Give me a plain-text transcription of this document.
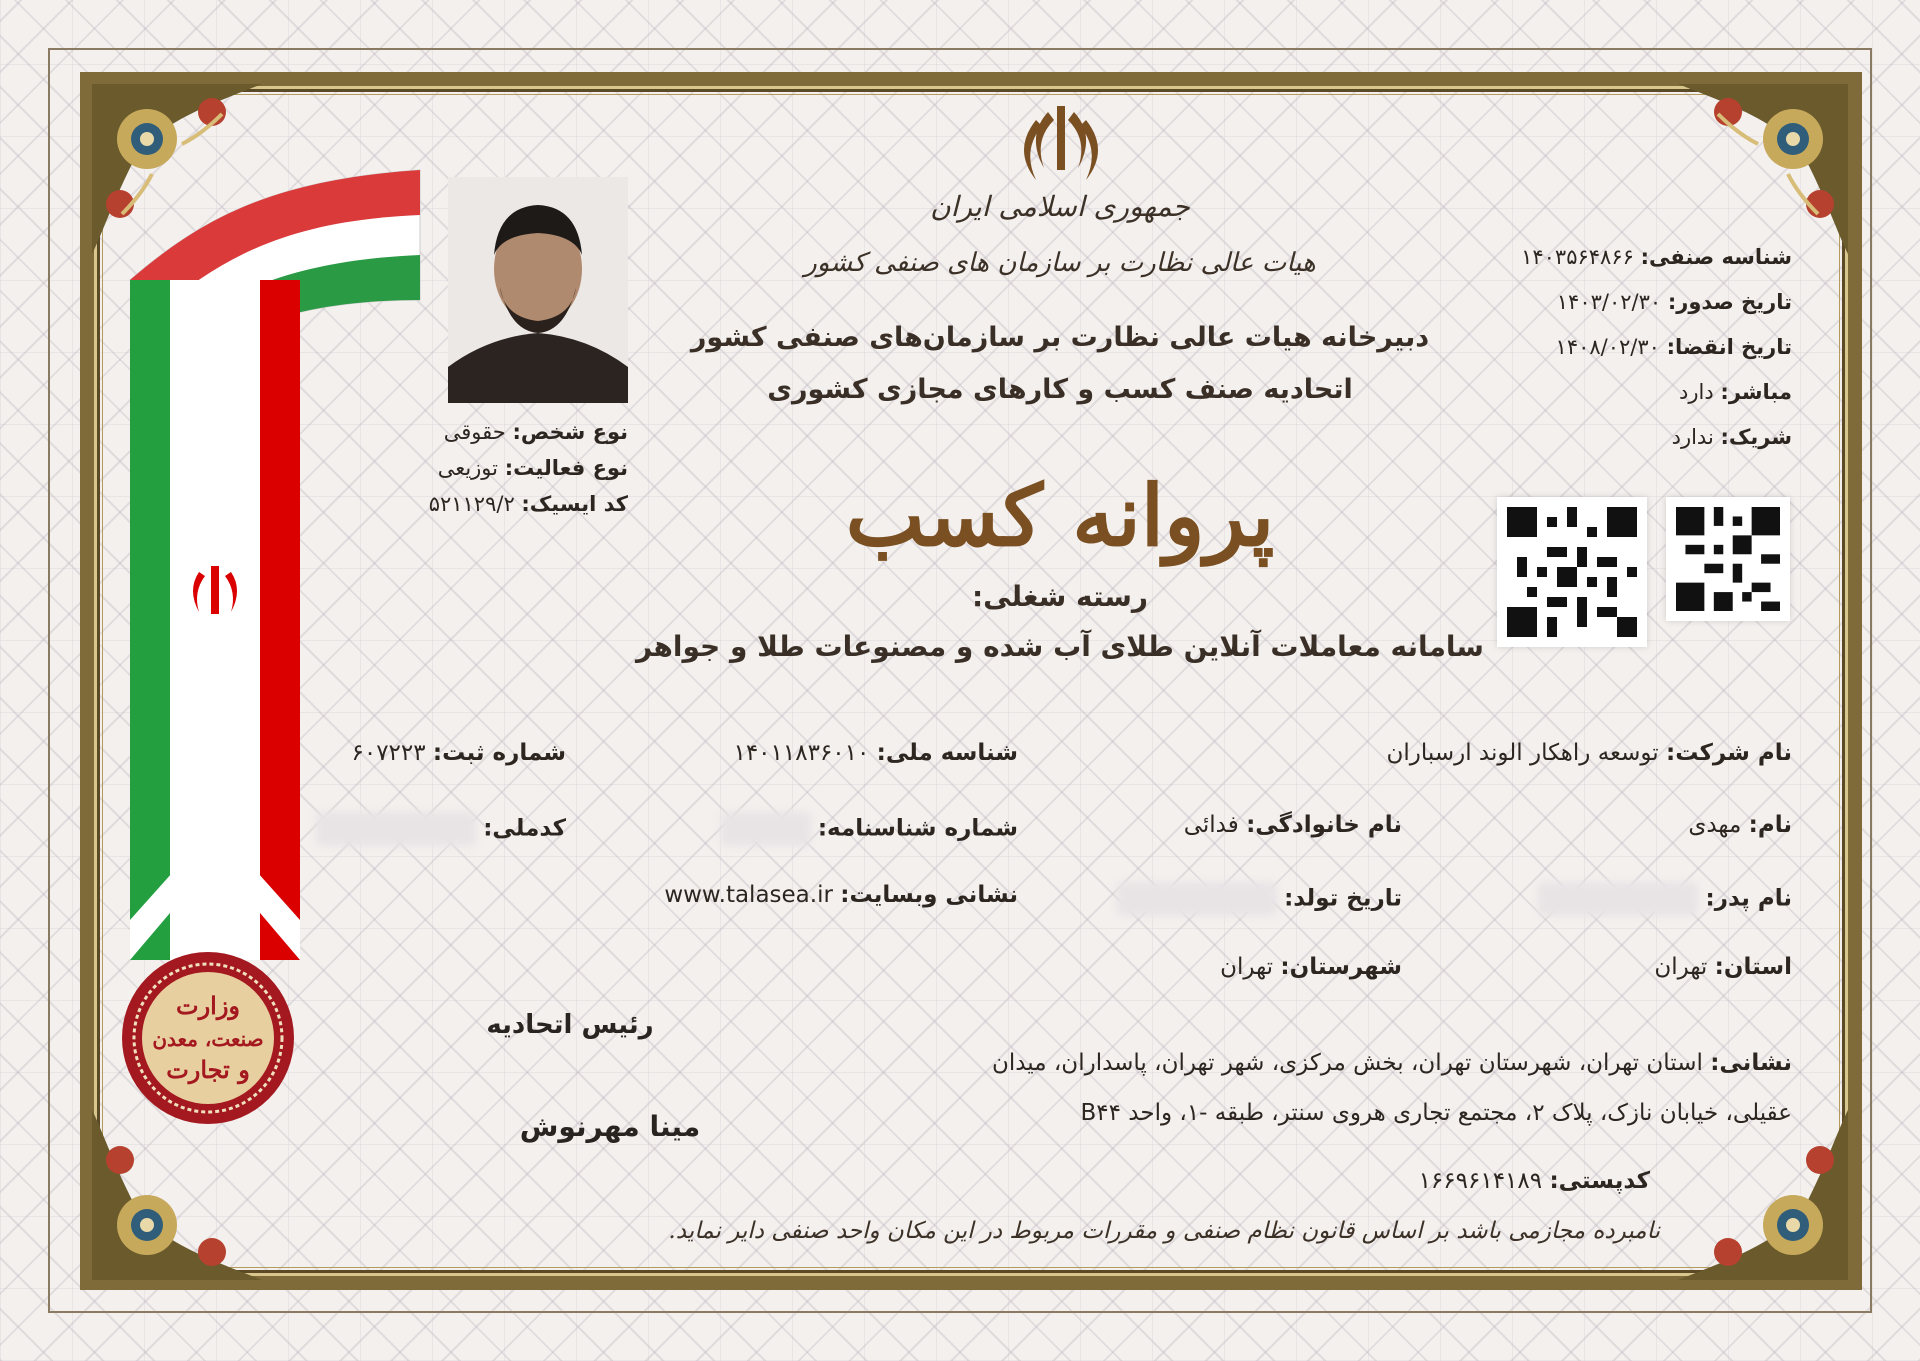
وزارت
صنعت، معدن
و تجارت
نوع شخص: حقوقی
نوع فعالیت: توزیعی
کد ایسیک: ۵۲۱۱۲۹/۲
جمهوری اسلامی ایران
هیات عالی نظارت بر سازمان های صنفی کشور
دبیرخانه هیات عالی نظارت بر سازمان‌های صنفی کشور
اتحادیه صنف کسب و کارهای مجازی کشوری
پروانه کسب
رسته شغلی:
سامانه معاملات آنلاین طلای آب شده و مصنوعات طلا و جواهر
شناسه صنفی: ۱۴۰۳۵۶۴۸۶۶
تاریخ صدور: ۱۴۰۳/۰۲/۳۰
تاریخ انقضا: ۱۴۰۸/۰۲/۳۰
مباشر: دارد
شریک: ندارد
نام شرکت: توسعه راهکار الوند ارسباران
شناسه ملی: ۱۴۰۱۱۸۳۶۰۱۰
شماره ثبت: ۶۰۷۲۲۳
نام: مهدی
نام خانوادگی: فدائی
شماره شناسنامه:
کدملی:
نام پدر:
تاریخ تولد:
نشانی وبسایت: www.talasea.ir
استان: تهران
شهرستان: تهران
نشانی: استان تهران، شهرستان تهران، بخش مرکزی، شهر تهران، پاسداران، میدان
عقیلی، خیابان نازک، پلاک ۲، مجتمع تجاری هروی سنتر، طبقه -۱، واحد B۴۴
کدپستی: ۱۶۶۹۶۱۴۱۸۹
رئیس اتحادیه
مینا مهرنوش
نامبرده مجازمی باشد بر اساس قانون نظام صنفی و مقررات مربوط در این مکان واحد صنفی دایر نماید.
